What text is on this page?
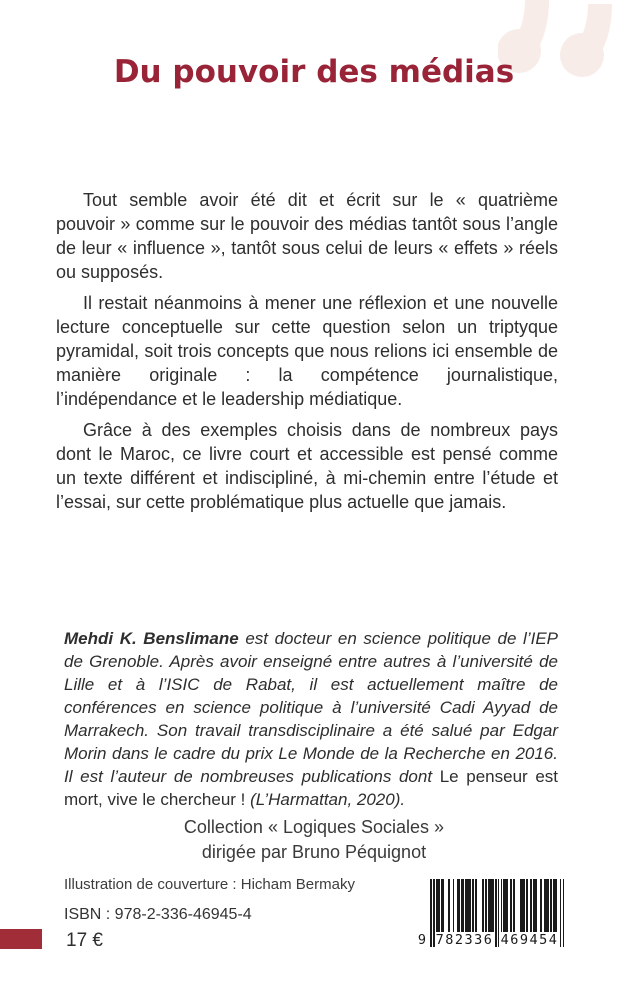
Du pouvoir des médias

Tout semble avoir été dit et écrit sur le « quatrième pouvoir » comme sur le pouvoir des médias tantôt sous l’angle de leur « influence », tantôt sous celui de leurs « effets » réels ou supposés.

Il restait néanmoins à mener une réflexion et une nouvelle lecture conceptuelle sur cette question selon un triptyque pyramidal, soit trois concepts que nous relions ici ensemble de manière originale : la compétence journalistique, l’indépendance et le leadership médiatique.

Grâce à des exemples choisis dans de nombreux pays dont le Maroc, ce livre court et accessible est pensé comme un texte différent et indiscipliné, à mi-chemin entre l’étude et l’essai, sur cette problématique plus actuelle que jamais.

Mehdi K. Benslimane est docteur en science politique de l’IEP de Grenoble. Après avoir enseigné entre autres à l’université de Lille et à l’ISIC de Rabat, il est actuellement maître de conférences en science politique à l’université Cadi Ayyad de Marrakech. Son travail transdisciplinaire a été salué par Edgar Morin dans le cadre du prix Le Monde de la Recherche en 2016. Il est l’auteur de nombreuses publications dont Le penseur est mort, vive le chercheur ! (L’Harmattan, 2020).
Collection « Logiques Sociales »
dirigée par Bruno Péquignot
Illustration de couverture : Hicham Bermaky
ISBN : 978-2-336-46945-4
17 €	9 782336 469454
